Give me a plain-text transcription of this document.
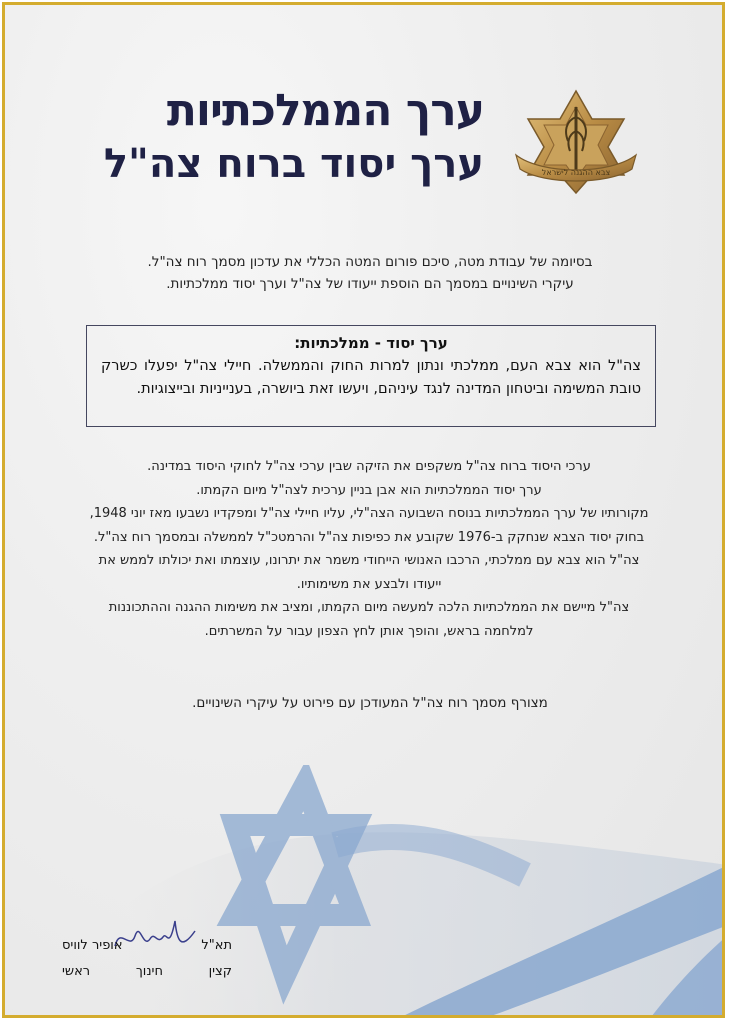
צבא ההגנה לישראל
ערך הממלכתיות
ערך יסוד ברוח צה"ל
בסיומה של עבודת מטה, סיכם פורום המטה הכללי את עדכון מסמך רוח צה"ל.
עיקרי השינויים במסמך הם הוספת ייעודו של צה"ל וערך יסוד ממלכתיות.
ערך יסוד - ממלכתיות:
צה"ל הוא צבא העם, ממלכתי ונתון למרות החוק והממשלה. חיילי צה"ל יפעלו כשרק טובת המשימה וביטחון המדינה לנגד עיניהם, ויעשו זאת ביושרה, בענייניות ובייצוגיות.
ערכי היסוד ברוח צה"ל משקפים את הזיקה שבין ערכי צה"ל לחוקי היסוד במדינה.
ערך יסוד הממלכתיות הוא אבן בניין ערכית לצה"ל מיום הקמתו.
מקורותיו של ערך הממלכתיות בנוסח השבועה הצה"לי, עליו חיילי צה"ל ומפקדיו נשבעו מאז יוני 1948,
בחוק יסוד הצבא שנחקק ב-1976 שקובע את כפיפות צה"ל והרמטכ"ל לממשלה ובמסמך רוח צה"ל.
צה"ל הוא צבא עם ממלכתי, הרכבו האנושי הייחודי משמר את יתרונו, עוצמתו ואת יכולתו לממש את
ייעודו ולבצע את משימותיו.
צה"ל מיישם את הממלכתיות הלכה למעשה מיום הקמתו, ומציב את משימות ההגנה וההתכוננות
למלחמה בראש, והופך אותן לחץ הצפון עבור על המשרתים.
מצורף מסמך רוח צה"ל המעודכן עם פירוט על עיקרי השינויים.
תא"ל
אופיר לוויס
קצין
חינוך
ראשי
